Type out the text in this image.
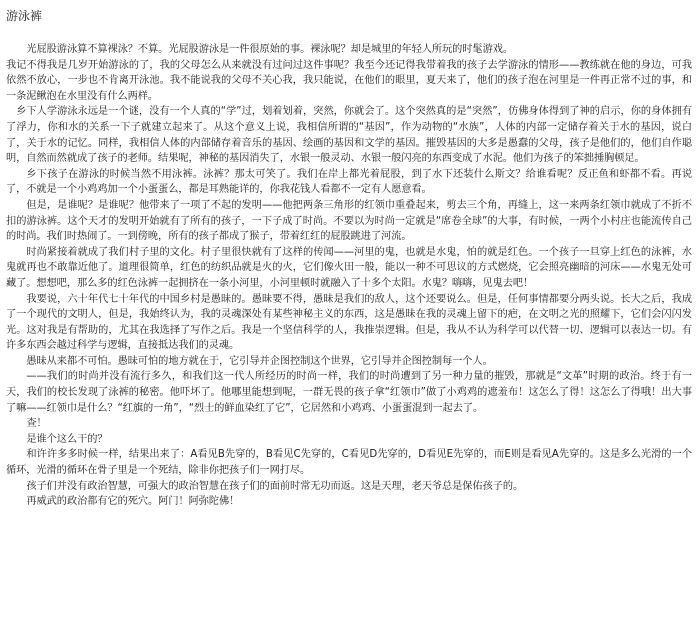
游泳裤

光屁股游泳算不算裸泳？不算。光屁股游泳是一件很原始的事。裸泳呢？却是城里的年轻人所玩的时髦游戏。

我记不得我是几岁开始游泳的了，我的父母怎么从来就没有过问过这件事呢？我至今还记得我带着我的孩子去学游泳的情形——教练就在他的身边，可我依然不放心，一步也不肯离开泳池。我不能说我的父母不关心我，我只能说，在他们的眼里，夏天来了，他们的孩子泡在河里是一件再正常不过的事，和一条泥鳅泡在水里没有什么两样。

乡下人学游泳永远是一个谜，没有一个人真的“学”过，划着划着，突然，你就会了。这个突然真的是“突然”，仿佛身体得到了神的启示，你的身体拥有了浮力，你和水的关系一下子就建立起来了。从这个意义上说，我相信所谓的“基因”，作为动物的“水族”，人体的内部一定储存着关于水的基因，说白了，关于水的记忆。同样，我相信人体的内部储存着音乐的基因、绘画的基因和文学的基因。摧毁基因的大多是愚蠢的父母，孩子是他们的，他们自作聪明，自然而然就成了孩子的老师。结果呢，神秘的基因消失了，水银一般灵动、水银一般闪亮的东西变成了水泥。他们为孩子的笨拙捶胸顿足。

乡下孩子在游泳的时候当然不用泳裤。泳裤？那太可笑了。我们在岸上都光着屁股，到了水下还装什么斯文？给谁看呢？反正鱼和虾都不看。再说了，不就是一个小鸡鸡加一个小蛋蛋么，都是耳熟能详的，你我花钱人看都不一定有人愿意看。

但是，是谁呢？是谁呢？他带来了一项了不起的发明——他把两条三角形的红领巾重叠起来，剪去三个角，再缝上，这一来两条红领巾就成了不折不扣的游泳裤。这个天才的发明开始就有了所有的孩子，一下子成了时尚。不要以为时尚一定就是“席卷全球”的大事，有时候，一两个小村庄也能流传自己的时尚。我们时热闹了。一到傍晚，所有的孩子都成了猴子，带着红红的屁股跳进了河流。

时尚紧接着就成了我们村子里的文化。村子里很快就有了这样的传闻——河里的鬼，也就是水鬼，怕的就是红色。一个孩子一旦穿上红色的泳裤，水鬼就再也不敢靠近他了。道理很简单，红色的纺织品就是火的火，它们像火田一般，能以一种不可思议的方式燃烧，它会照亮幽暗的河床——水鬼无处可藏了。想想吧，那么多的红色泳裤一起拥挤在一条小河里，小河里顿时就融入了十多个太阳。水鬼？嗨嗨，见鬼去吧！

我要说，六十年代七十年代的中国乡村是愚昧的。愚昧要不得，愚昧是我们的敌人，这个还要说么。但是，任何事情都要分两头说。长大之后，我成了一个现代的文明人，但是，我始终认为，我的灵魂深处有某些神秘主义的东西，这是愚昧在我的灵魂上留下的疤，在文明之光的照耀下，它们会闪闪发光。这对我是有帮助的，尤其在我选择了写作之后。我是一个坚信科学的人，我推崇逻辑。但是，我从不认为科学可以代替一切、逻辑可以表达一切。有许多东西会越过科学与逻辑，直接抵达我们的灵魂。

愚昧从来都不可怕。愚昧可怕的地方就在于，它引导并企图控制这个世界，它引导并企图控制每一个人。

——我们的时尚并没有流行多久，和我们这一代人所经历的时尚一样，我们的时尚遭到了另一种力量的摧毁，那就是“文革”时期的政治。终于有一天，我们的校长发现了泳裤的秘密。他吓坏了。他哪里能想到呢，一群无畏的孩子拿“红领巾”做了小鸡鸡的遮羞布！这怎么了得！这怎么了得哦！出大事了嘛——红领巾是什么？“红旗的一角”，“烈士的鲜血染红了它”，它居然和小鸡鸡、小蛋蛋混到一起去了。

查！

是谁个这么干的？

和许许多多时候一样，结果出来了：A看见B先穿的，B看见C先穿的，C看见D先穿的，D看见E先穿的，而E则是看见A先穿的。这是多么光滑的一个循环，光滑的循环在骨子里是一个死结，除非你把孩子们一网打尽。

孩子们并没有政治智慧，可强大的政治智慧在孩子们的面前时常无功而返。这是天理，老天爷总是保佑孩子的。

再威武的政治都有它的死穴。阿门！阿弥陀佛！
